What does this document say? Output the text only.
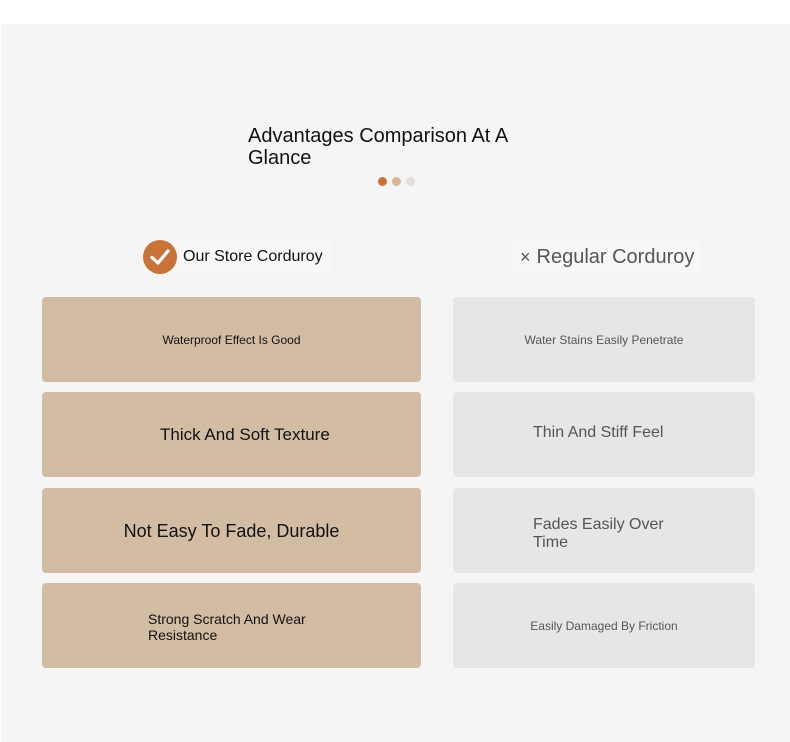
Advantages Comparison At A Glance
Our Store Corduroy	× Regular Corduroy
Waterproof Effect Is Good
Thick And Soft Texture
Not Easy To Fade, Durable
Strong Scratch And Wear Resistance
Water Stains Easily Penetrate
Thin And Stiff Feel
Fades Easily Over Time
Easily Damaged By Friction
